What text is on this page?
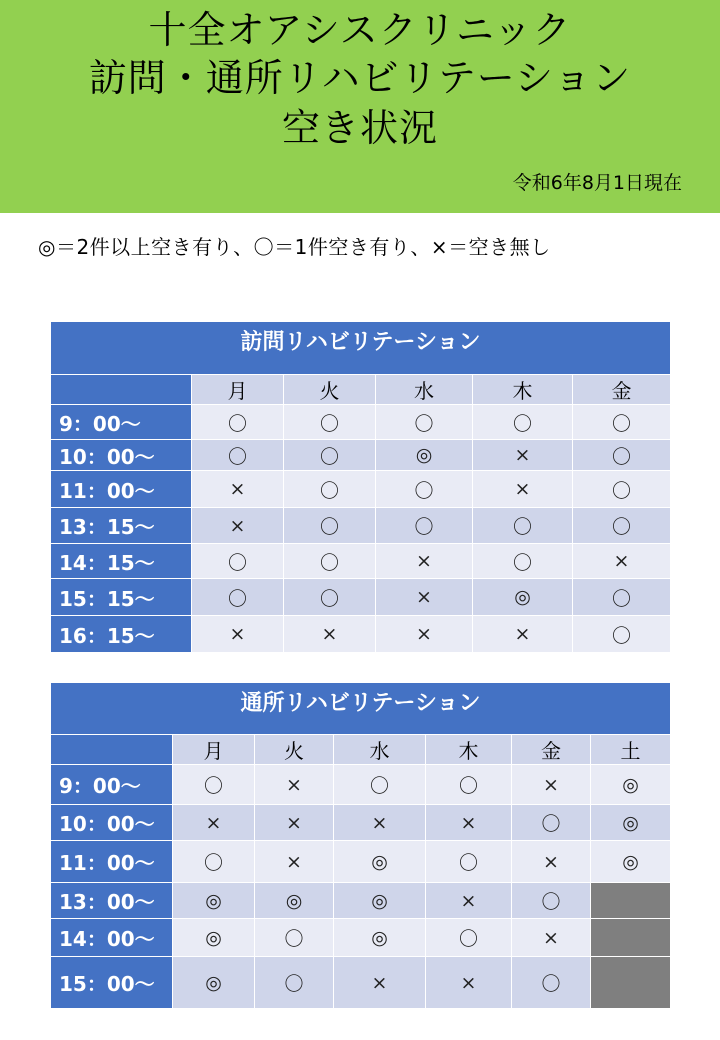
十全オアシスクリニック
訪問・通所リハビリテーション
空き状況
令和6年8月1日現在
◎＝2件以上空き有り、〇＝1件空き有り、×＝空き無し
訪問リハビリテーション					
	月	火	水	木	金
9：00～	〇	〇	〇	〇	〇
10：00～	〇	〇	◎	×	〇
11：00～	×	〇	〇	×	〇
13：15～	×	〇	〇	〇	〇
14：15～	〇	〇	×	〇	×
15：15～	〇	〇	×	◎	〇
16：15～	×	×	×	×	〇
通所リハビリテーション						
	月	火	水	木	金	土
9：00～	〇	×	〇	〇	×	◎
10：00～	×	×	×	×	〇	◎
11：00～	〇	×	◎	〇	×	◎
13：00～	◎	◎	◎	×	〇	
14：00～	◎	〇	◎	〇	×	
15：00～	◎	〇	×	×	〇	
